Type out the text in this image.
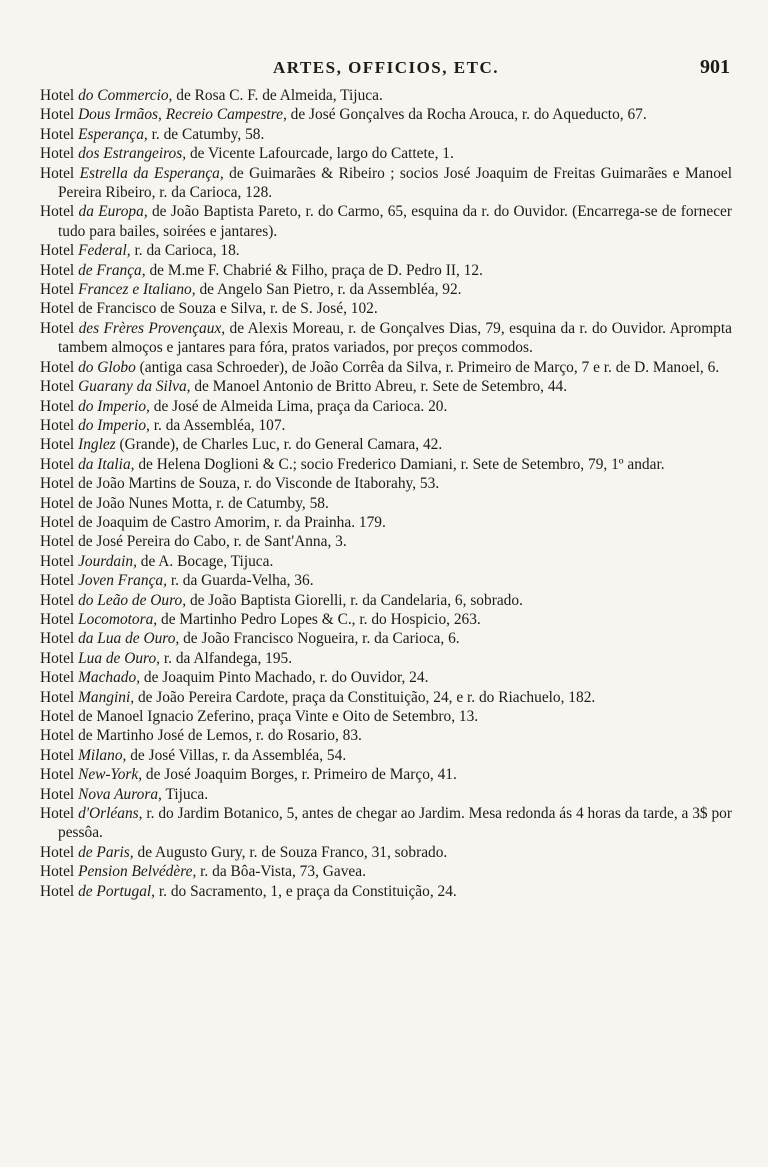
ARTES, OFFICIOS, ETC.	901
Hotel do Commercio, de Rosa C. F. de Almeida, Tijuca.
Hotel Dous Irmãos, Recreio Campestre, de José Gonçalves da Rocha Arouca, r. do Aqueducto, 67.
Hotel Esperança, r. de Catumby, 58.
Hotel dos Estrangeiros, de Vicente Lafourcade, largo do Cattete, 1.
Hotel Estrella da Esperança, de Guimarães & Ribeiro ; socios José Joaquim de Freitas Guimarães e Manoel Pereira Ribeiro, r. da Carioca, 128.
Hotel da Europa, de João Baptista Pareto, r. do Carmo, 65, esquina da r. do Ouvidor. (Encarrega-se de fornecer tudo para bailes, soirées e jantares).
Hotel Federal, r. da Carioca, 18.
Hotel de França, de M.me F. Chabrié & Filho, praça de D. Pedro II, 12.
Hotel Francez e Italiano, de Angelo San Pietro, r. da Assembléa, 92.
Hotel de Francisco de Souza e Silva, r. de S. José, 102.
Hotel des Frères Provençaux, de Alexis Moreau, r. de Gonçalves Dias, 79, esquina da r. do Ouvidor. Aprompta tambem almoços e jantares para fóra, pratos variados, por preços commodos.
Hotel do Globo (antiga casa Schroeder), de João Corrêa da Silva, r. Primeiro de Março, 7 e r. de D. Manoel, 6.
Hotel Guarany da Silva, de Manoel Antonio de Britto Abreu, r. Sete de Setembro, 44.
Hotel do Imperio, de José de Almeida Lima, praça da Carioca. 20.
Hotel do Imperio, r. da Assembléa, 107.
Hotel Inglez (Grande), de Charles Luc, r. do General Camara, 42.
Hotel da Italia, de Helena Doglioni & C.; socio Frederico Damiani, r. Sete de Setembro, 79, 1º andar.
Hotel de João Martins de Souza, r. do Visconde de Itaborahy, 53.
Hotel de João Nunes Motta, r. de Catumby, 58.
Hotel de Joaquim de Castro Amorim, r. da Prainha. 179.
Hotel de José Pereira do Cabo, r. de Sant'Anna, 3.
Hotel Jourdain, de A. Bocage, Tijuca.
Hotel Joven França, r. da Guarda-Velha, 36.
Hotel do Leão de Ouro, de João Baptista Giorelli, r. da Candelaria, 6, sobrado.
Hotel Locomotora, de Martinho Pedro Lopes & C., r. do Hospicio, 263.
Hotel da Lua de Ouro, de João Francisco Nogueira, r. da Carioca, 6.
Hotel Lua de Ouro, r. da Alfandega, 195.
Hotel Machado, de Joaquim Pinto Machado, r. do Ouvidor, 24.
Hotel Mangini, de João Pereira Cardote, praça da Constituição, 24, e r. do Riachuelo, 182.
Hotel de Manoel Ignacio Zeferino, praça Vinte e Oito de Setembro, 13.
Hotel de Martinho José de Lemos, r. do Rosario, 83.
Hotel Milano, de José Villas, r. da Assembléa, 54.
Hotel New-York, de José Joaquim Borges, r. Primeiro de Março, 41.
Hotel Nova Aurora, Tijuca.
Hotel d'Orléans, r. do Jardim Botanico, 5, antes de chegar ao Jardim. Mesa redonda ás 4 horas da tarde, a 3$ por pessôa.
Hotel de Paris, de Augusto Gury, r. de Souza Franco, 31, sobrado.
Hotel Pension Belvédère, r. da Bôa-Vista, 73, Gavea.
Hotel de Portugal, r. do Sacramento, 1, e praça da Constituição, 24.
